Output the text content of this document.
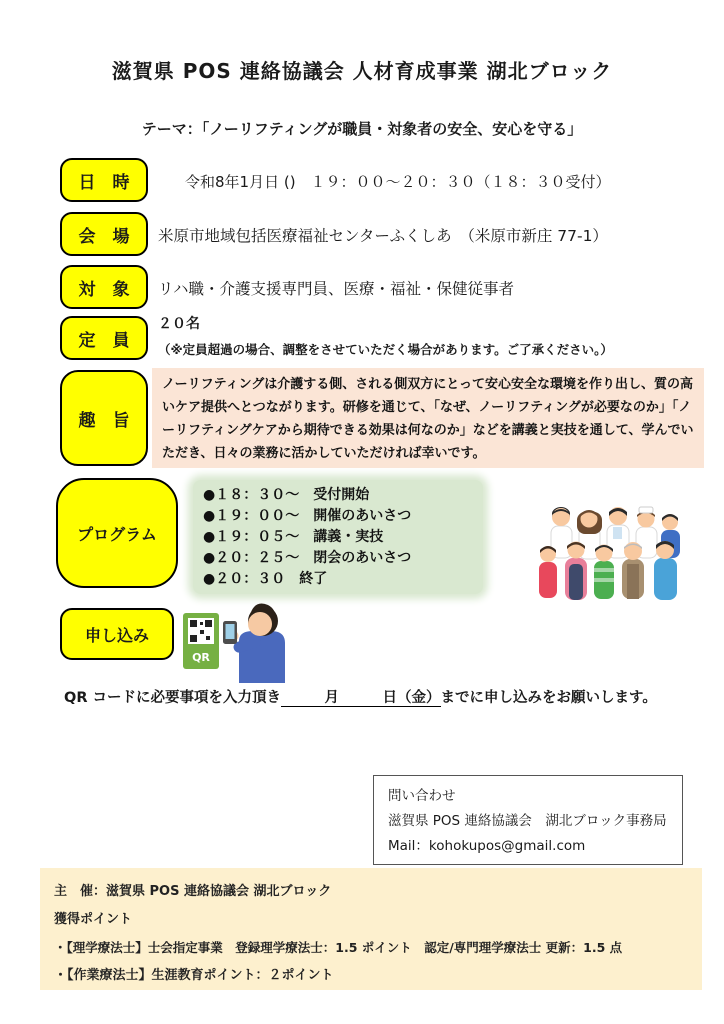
滋賀県 POS 連絡協議会 人材育成事業 湖北ブロック
テーマ：「ノーリフティングが職員・対象者の安全、安心を守る」
日　時	令和8年1月日 ()　１９：００～２０：３０（１８：３０受付）
会　場	米原市地域包括医療福祉センターふくしあ　（米原市新庄 77-1）
対　象	リハ職・介護支援専門員、医療・福祉・保健従事者
定　員
２０名
（※定員超過の場合、調整をさせていただく場合があります。ご了承ください。）
趣　旨
ノーリフティングは介護する側、される側双方にとって安心安全な環境を作り出し、質の高いケア提供へとつながります。研修を通じて、「なぜ、ノーリフティングが必要なのか」「ノーリフティングケアから期待できる効果は何なのか」などを講義と実技を通して、学んでいただき、日々の業務に活かしていただければ幸いです。
プログラム
●１８：３０～ 受付開始
●１９：００～ 開催のあいさつ
●１９：０５～ 講義・実技
●２０：２５～ 閉会のあいさつ
●２０：３０ 終了
申し込み
QR
QR コードに必要事項を入力頂き　　　月　　　日（金）までに申し込みをお願いします。
問い合わせ
滋賀県 POS 連絡協議会　湖北ブロック事務局
Mail：kohokupos@gmail.com
主　催：滋賀県 POS 連絡協議会 湖北ブロック
獲得ポイント
・【理学療法士】士会指定事業　登録理学療法士：1.5 ポイント　認定/専門理学療法士 更新：1.5 点
・【作業療法士】生涯教育ポイント：２ポイント
